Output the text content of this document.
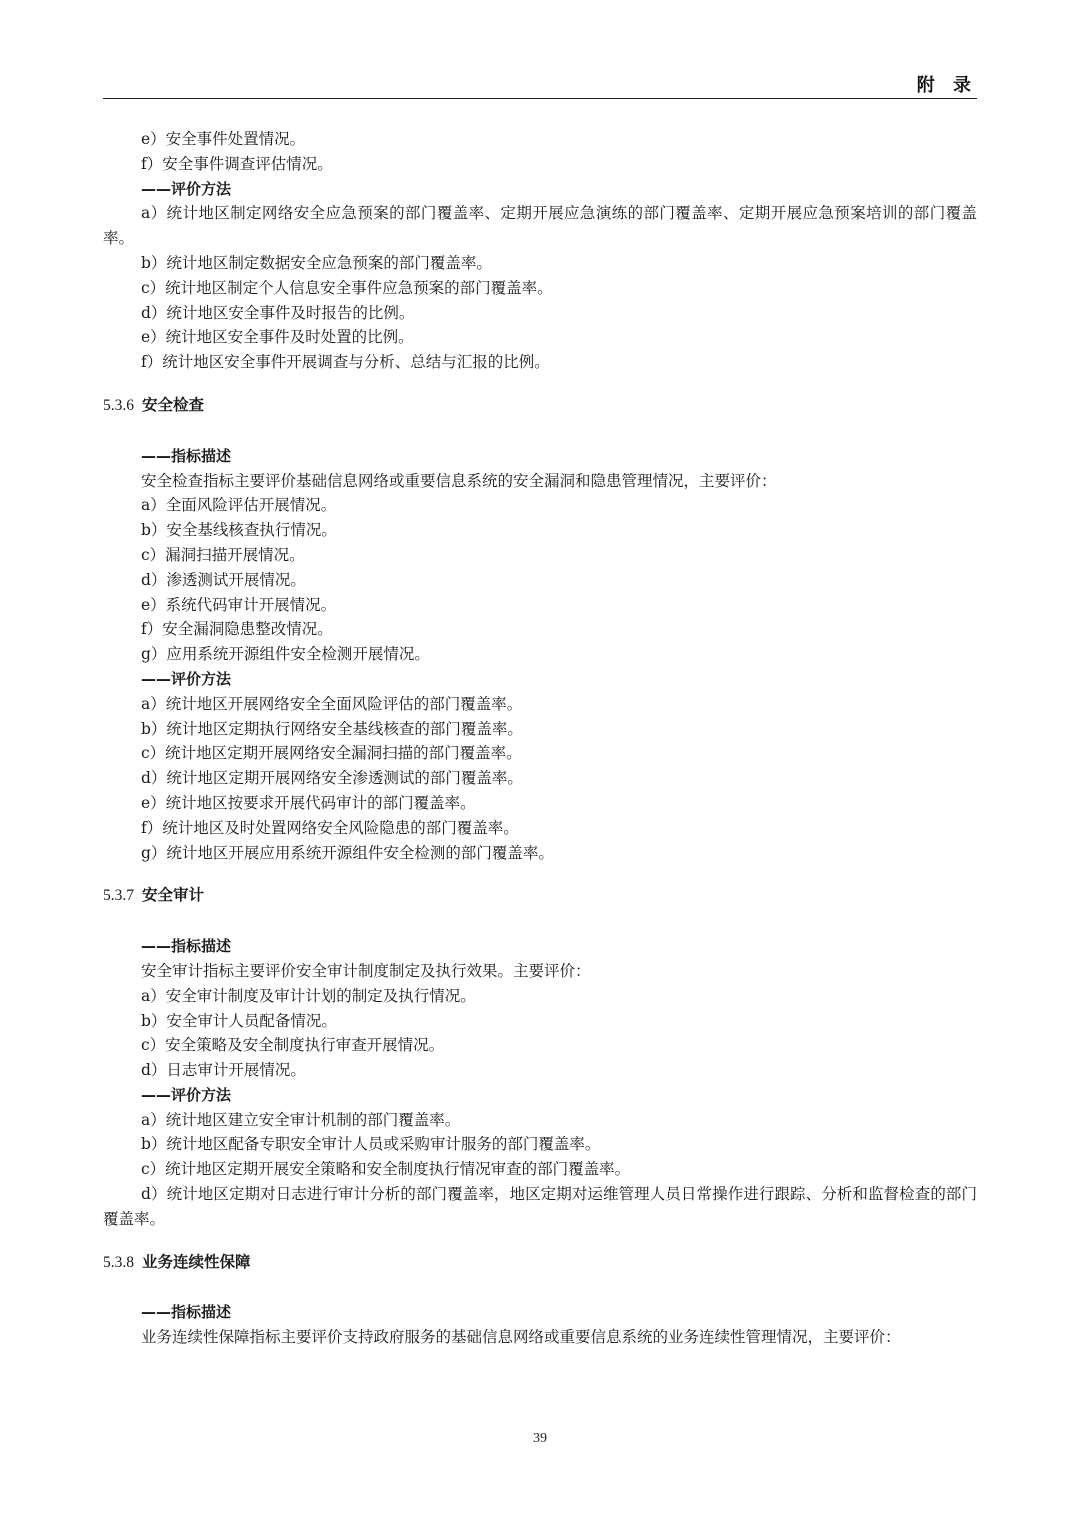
附 录
e）安全事件处置情况。
f）安全事件调查评估情况。
——评价方法
a）统计地区制定网络安全应急预案的部门覆盖率、定期开展应急演练的部门覆盖率、定期开展应急预案培训的部门覆盖率。
b）统计地区制定数据安全应急预案的部门覆盖率。
c）统计地区制定个人信息安全事件应急预案的部门覆盖率。
d）统计地区安全事件及时报告的比例。
e）统计地区安全事件及时处置的比例。
f）统计地区安全事件开展调查与分析、总结与汇报的比例。
5.3.6 安全检查
——指标描述
安全检查指标主要评价基础信息网络或重要信息系统的安全漏洞和隐患管理情况，主要评价：
a）全面风险评估开展情况。
b）安全基线核查执行情况。
c）漏洞扫描开展情况。
d）渗透测试开展情况。
e）系统代码审计开展情况。
f）安全漏洞隐患整改情况。
g）应用系统开源组件安全检测开展情况。
——评价方法
a）统计地区开展网络安全全面风险评估的部门覆盖率。
b）统计地区定期执行网络安全基线核查的部门覆盖率。
c）统计地区定期开展网络安全漏洞扫描的部门覆盖率。
d）统计地区定期开展网络安全渗透测试的部门覆盖率。
e）统计地区按要求开展代码审计的部门覆盖率。
f）统计地区及时处置网络安全风险隐患的部门覆盖率。
g）统计地区开展应用系统开源组件安全检测的部门覆盖率。
5.3.7 安全审计
——指标描述
安全审计指标主要评价安全审计制度制定及执行效果。主要评价：
a）安全审计制度及审计计划的制定及执行情况。
b）安全审计人员配备情况。
c）安全策略及安全制度执行审查开展情况。
d）日志审计开展情况。
——评价方法
a）统计地区建立安全审计机制的部门覆盖率。
b）统计地区配备专职安全审计人员或采购审计服务的部门覆盖率。
c）统计地区定期开展安全策略和安全制度执行情况审查的部门覆盖率。
d）统计地区定期对日志进行审计分析的部门覆盖率，地区定期对运维管理人员日常操作进行跟踪、分析和监督检查的部门覆盖率。
5.3.8 业务连续性保障
——指标描述
业务连续性保障指标主要评价支持政府服务的基础信息网络或重要信息系统的业务连续性管理情况，主要评价：
39
